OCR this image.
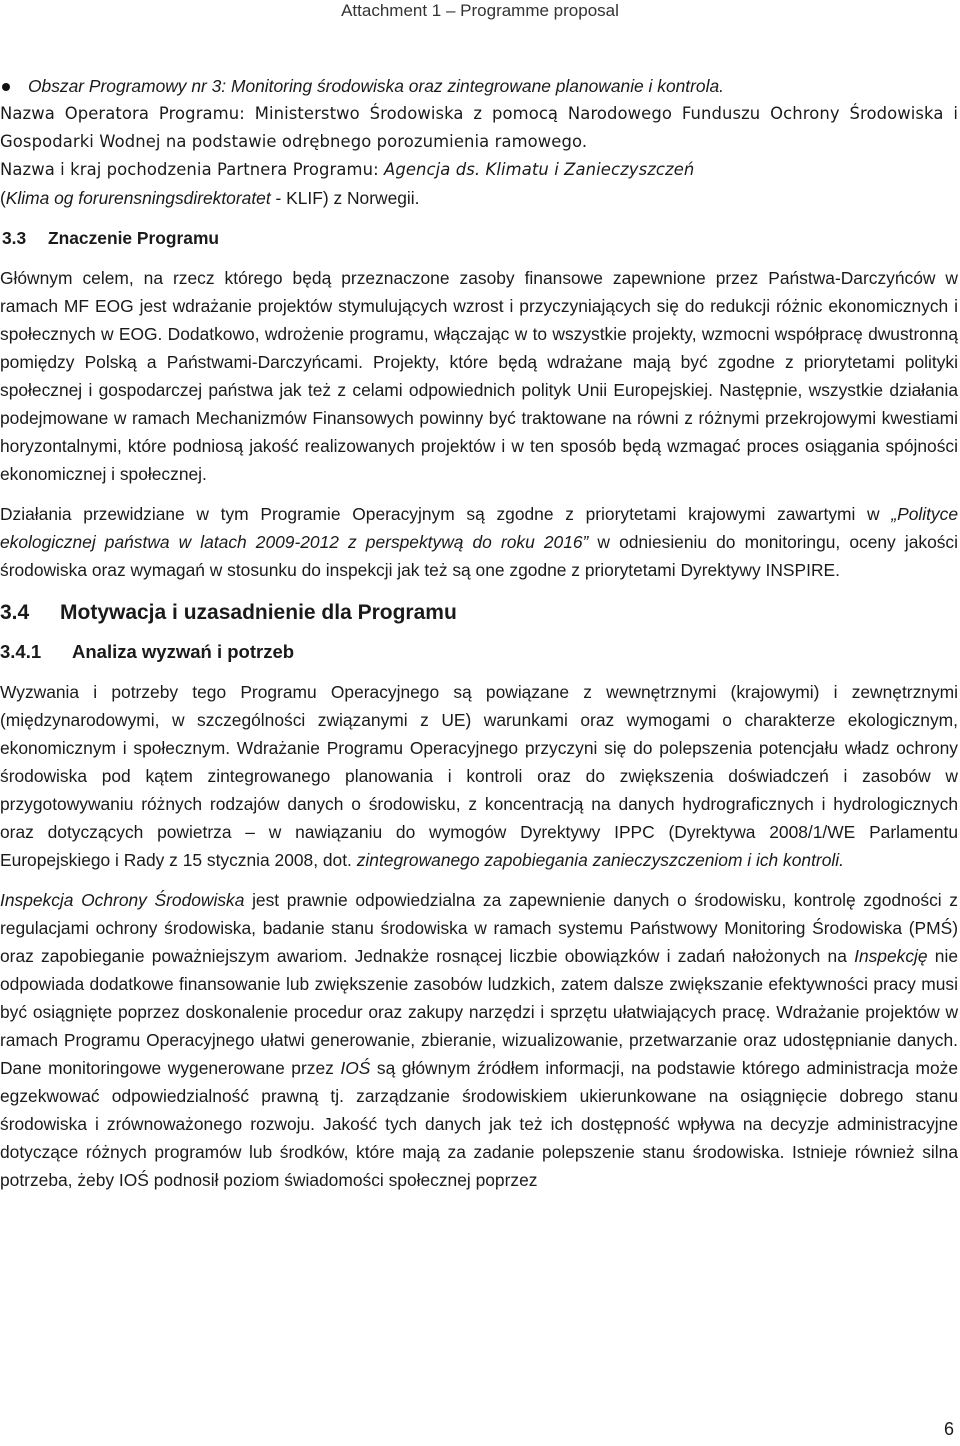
Attachment 1 – Programme proposal

Obszar Programowy nr 3: Monitoring środowiska oraz zintegrowane planowanie i kontrola.

Nazwa Operatora Programu: Ministerstwo Środowiska z pomocą Narodowego Funduszu Ochrony Środowiska i Gospodarki Wodnej na podstawie odrębnego porozumienia ramowego.

Nazwa i kraj pochodzenia Partnera Programu: Agencja ds. Klimatu i Zanieczyszczeń

(Klima og forurensningsdirektoratet - KLIF) z Norwegii.

3.3 Znaczenie Programu

Głównym celem, na rzecz którego będą przeznaczone zasoby finansowe zapewnione przez Państwa-Darczyńców w ramach MF EOG jest wdrażanie projektów stymulujących wzrost i przyczyniających się do redukcji różnic ekonomicznych i społecznych w EOG. Dodatkowo, wdrożenie programu, włączając w to wszystkie projekty, wzmocni współpracę dwustronną pomiędzy Polską a Państwami-Darczyńcami. Projekty, które będą wdrażane mają być zgodne z priorytetami polityki społecznej i gospodarczej państwa jak też z celami odpowiednich polityk Unii Europejskiej. Następnie, wszystkie działania podejmowane w ramach Mechanizmów Finansowych powinny być traktowane na równi z różnymi przekrojowymi kwestiami horyzontalnymi, które podniosą jakość realizowanych projektów i w ten sposób będą wzmagać proces osiągania spójności ekonomicznej i społecznej.

Działania przewidziane w tym Programie Operacyjnym są zgodne z priorytetami krajowymi zawartymi w „Polityce ekologicznej państwa w latach 2009-2012 z perspektywą do roku 2016” w odniesieniu do monitoringu, oceny jakości środowiska oraz wymagań w stosunku do inspekcji jak też są one zgodne z priorytetami Dyrektywy INSPIRE.

3.4 Motywacja i uzasadnienie dla Programu

3.4.1 Analiza wyzwań i potrzeb

Wyzwania i potrzeby tego Programu Operacyjnego są powiązane z wewnętrznymi (krajowymi) i zewnętrznymi (międzynarodowymi, w szczególności związanymi z UE) warunkami oraz wymogami o charakterze ekologicznym, ekonomicznym i społecznym. Wdrażanie Programu Operacyjnego przyczyni się do polepszenia potencjału władz ochrony środowiska pod kątem zintegrowanego planowania i kontroli oraz do zwiększenia doświadczeń i zasobów w przygotowywaniu różnych rodzajów danych o środowisku, z koncentracją na danych hydrograficznych i hydrologicznych oraz dotyczących powietrza – w nawiązaniu do wymogów Dyrektywy IPPC (Dyrektywa 2008/1/WE Parlamentu Europejskiego i Rady z 15 stycznia 2008, dot. zintegrowanego zapobiegania zanieczyszczeniom i ich kontroli.

Inspekcja Ochrony Środowiska jest prawnie odpowiedzialna za zapewnienie danych o środowisku, kontrolę zgodności z regulacjami ochrony środowiska, badanie stanu środowiska w ramach systemu Państwowy Monitoring Środowiska (PMŚ) oraz zapobieganie poważniejszym awariom. Jednakże rosnącej liczbie obowiązków i zadań nałożonych na Inspekcję nie odpowiada dodatkowe finansowanie lub zwiększenie zasobów ludzkich, zatem dalsze zwiększanie efektywności pracy musi być osiągnięte poprzez doskonalenie procedur oraz zakupy narzędzi i sprzętu ułatwiających pracę. Wdrażanie projektów w ramach Programu Operacyjnego ułatwi generowanie, zbieranie, wizualizowanie, przetwarzanie oraz udostępnianie danych. Dane monitoringowe wygenerowane przez IOŚ są głównym źródłem informacji, na podstawie którego administracja może egzekwować odpowiedzialność prawną tj. zarządzanie środowiskiem ukierunkowane na osiągnięcie dobrego stanu środowiska i zrównoważonego rozwoju. Jakość tych danych jak też ich dostępność wpływa na decyzje administracyjne dotyczące różnych programów lub środków, które mają za zadanie polepszenie stanu środowiska. Istnieje również silna potrzeba, żeby IOŚ podnosił poziom świadomości społecznej poprzez

6
